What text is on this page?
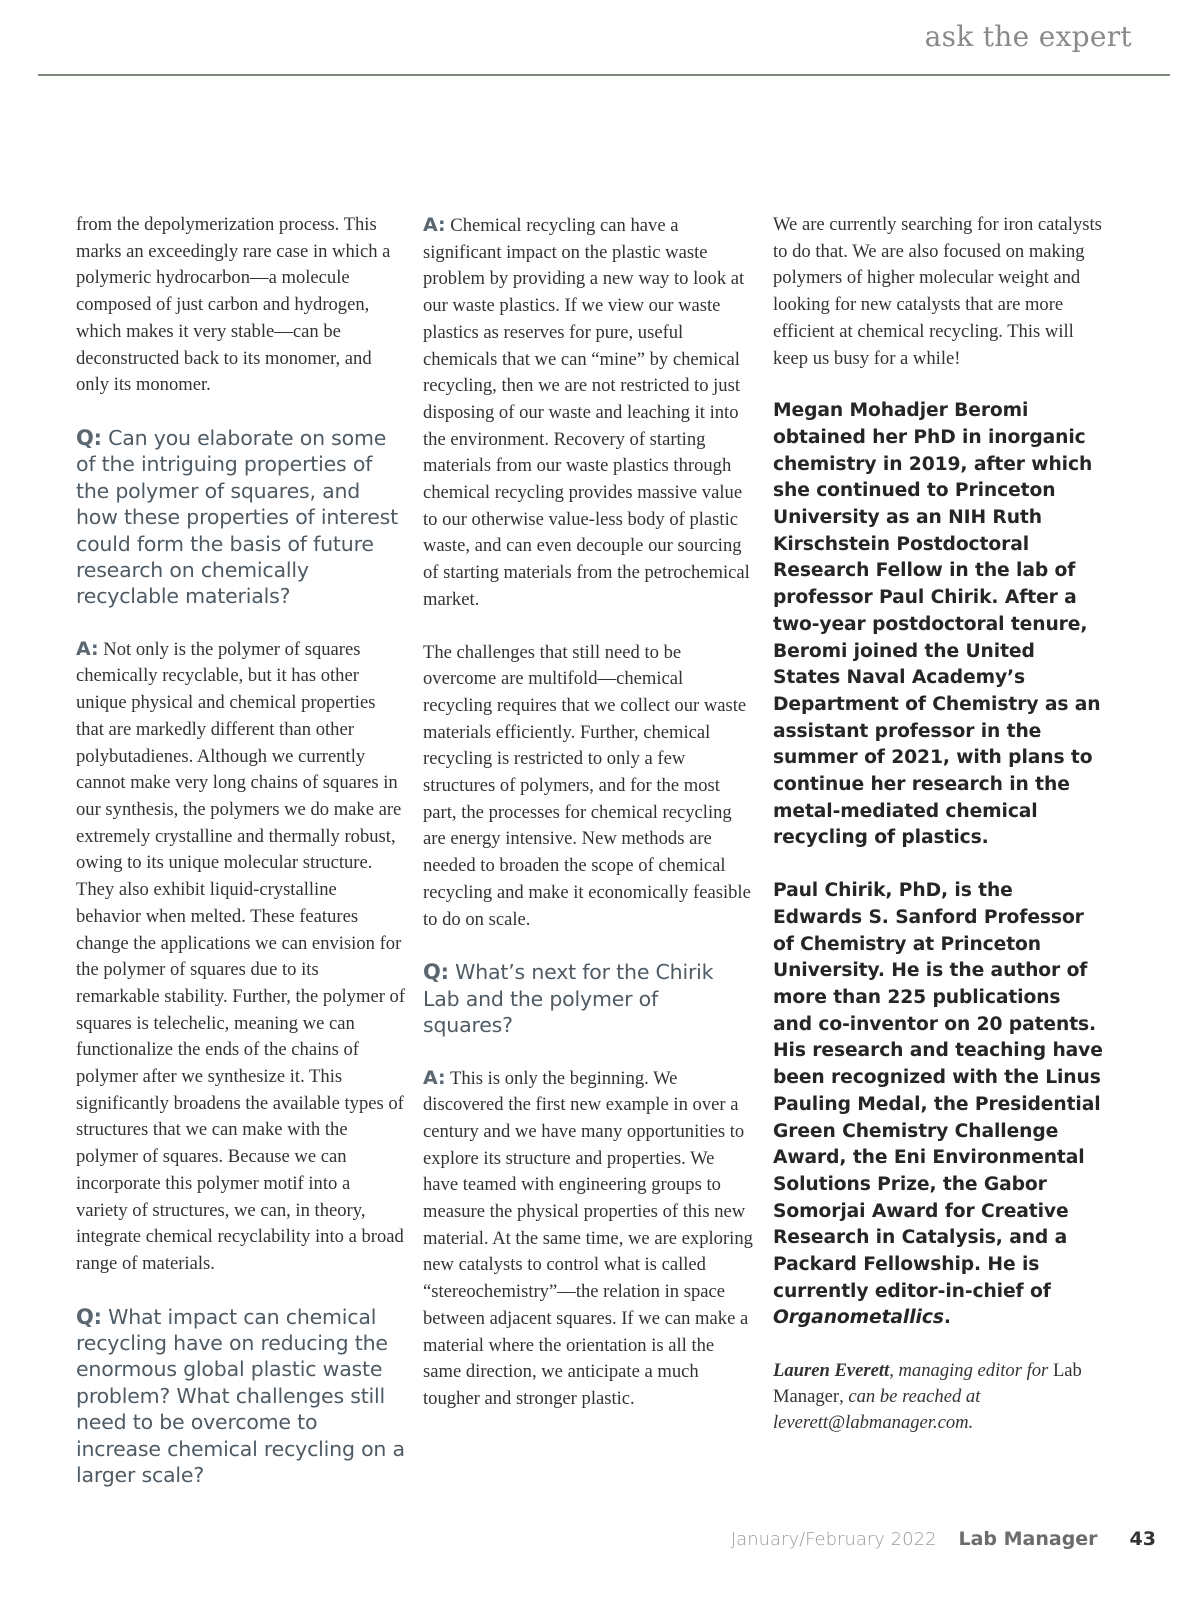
ask the expert

from the depolymerization process. This marks an exceedingly rare case in which a polymeric hydrocarbon—a molecule composed of just carbon and hydrogen, which makes it very stable—can be deconstructed back to its monomer, and only its monomer.

Q: Can you elaborate on some of the intriguing properties of the polymer of squares, and how these properties of interest could form the basis of future research on chemically recyclable materials?

A: Not only is the polymer of squares chemically recyclable, but it has other unique physical and chemical properties that are markedly different than other polybutadienes. Although we currently cannot make very long chains of squares in our synthesis, the polymers we do make are extremely crystalline and thermally robust, owing to its unique molecular structure. They also exhibit liquid-crystalline behavior when melted. These features change the applications we can envision for the polymer of squares due to its remarkable stability. Further, the polymer of squares is telechelic, meaning we can functionalize the ends of the chains of polymer after we synthesize it. This significantly broadens the available types of structures that we can make with the polymer of squares. Because we can incorporate this polymer motif into a variety of structures, we can, in theory, integrate chemical recyclability into a broad range of materials.

Q: What impact can chemical recycling have on reducing the enormous global plastic waste problem? What challenges still need to be overcome to increase chemical recycling on a larger scale?

A: Chemical recycling can have a significant impact on the plastic waste problem by providing a new way to look at our waste plastics. If we view our waste plastics as reserves for pure, useful chemicals that we can “mine” by chemical recycling, then we are not restricted to just disposing of our waste and leaching it into the environment. Recovery of starting materials from our waste plastics through chemical recycling provides massive value to our otherwise value-less body of plastic waste, and can even decouple our sourcing of starting materials from the petrochemical market.

The challenges that still need to be overcome are multifold—chemical recycling requires that we collect our waste materials efficiently. Further, chemical recycling is restricted to only a few structures of polymers, and for the most part, the processes for chemical recycling are energy intensive. New methods are needed to broaden the scope of chemical recycling and make it economically feasible to do on scale.

Q: What’s next for the Chirik Lab and the polymer of squares?

A: This is only the beginning. We discovered the first new example in over a century and we have many opportunities to explore its structure and properties. We have teamed with engineering groups to measure the physical properties of this new material. At the same time, we are exploring new catalysts to control what is called “stereochemistry”—the relation in space between adjacent squares. If we can make a material where the orientation is all the same direction, we anticipate a much tougher and stronger plastic.

We are currently searching for iron catalysts to do that. We are also focused on making polymers of higher molecular weight and looking for new catalysts that are more efficient at chemical recycling. This will keep us busy for a while!

Megan Mohadjer Beromi obtained her PhD in inorganic chemistry in 2019, after which she continued to Princeton University as an NIH Ruth Kirschstein Postdoctoral Research Fellow in the lab of professor Paul Chirik. After a two-year postdoctoral tenure, Beromi joined the United States Naval Academy’s Department of Chemistry as an assistant professor in the summer of 2021, with plans to continue her research in the metal-mediated chemical recycling of plastics.

Paul Chirik, PhD, is the Edwards S. Sanford Professor of Chemistry at Princeton University. He is the author of more than 225 publications and co-inventor on 20 patents. His research and teaching have been recognized with the Linus Pauling Medal, the Presidential Green Chemistry Challenge Award, the Eni Environmental Solutions Prize, the Gabor Somorjai Award for Creative Research in Catalysis, and a Packard Fellowship. He is currently editor-in-chief of Organometallics.

Lauren Everett, managing editor for Lab Manager, can be reached at leverett@labmanager.com.

January/February 2022 Lab Manager 43
